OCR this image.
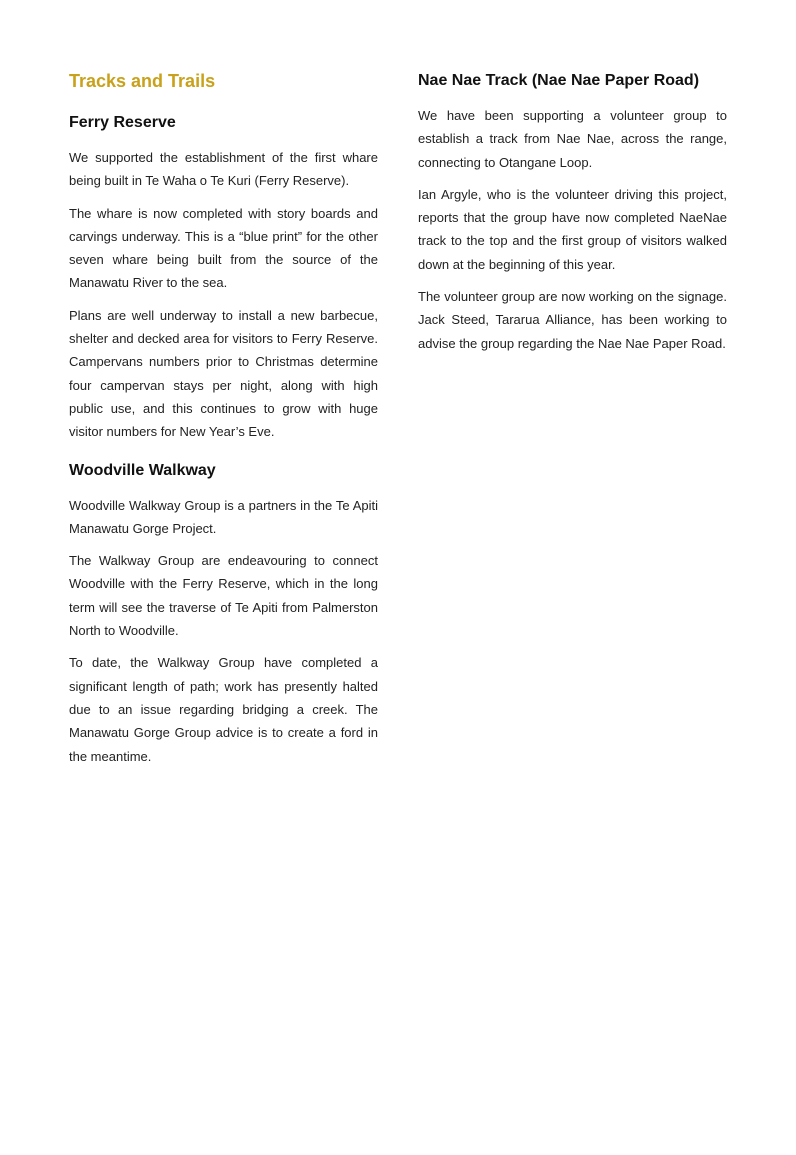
Tracks and Trails
Ferry Reserve

We supported the establishment of the first whare being built in Te Waha o Te Kuri (Ferry Reserve).

The whare is now completed with story boards and carvings underway. This is a “blue print” for the other seven whare being built from the source of the Manawatu River to the sea.

Plans are well underway to install a new barbecue, shelter and decked area for visitors to Ferry Reserve. Campervans numbers prior to Christmas determine four campervan stays per night, along with high public use, and this continues to grow with huge visitor numbers for New Year’s Eve.

Woodville Walkway

Woodville Walkway Group is a partners in the Te Apiti Manawatu Gorge Project.

The Walkway Group are endeavouring to connect Woodville with the Ferry Reserve, which in the long term will see the traverse of Te Apiti from Palmerston North to Woodville.

To date, the Walkway Group have completed a significant length of path; work has presently halted due to an issue regarding bridging a creek. The Manawatu Gorge Group advice is to create a ford in the meantime.

Nae Nae Track (Nae Nae Paper Road)

We have been supporting a volunteer group to establish a track from Nae Nae, across the range, connecting to Otangane Loop.

Ian Argyle, who is the volunteer driving this project, reports that the group have now completed NaeNae track to the top and the first group of visitors walked down at the beginning of this year.

The volunteer group are now working on the signage. Jack Steed, Tararua Alliance, has been working to advise the group regarding the Nae Nae Paper Road.
